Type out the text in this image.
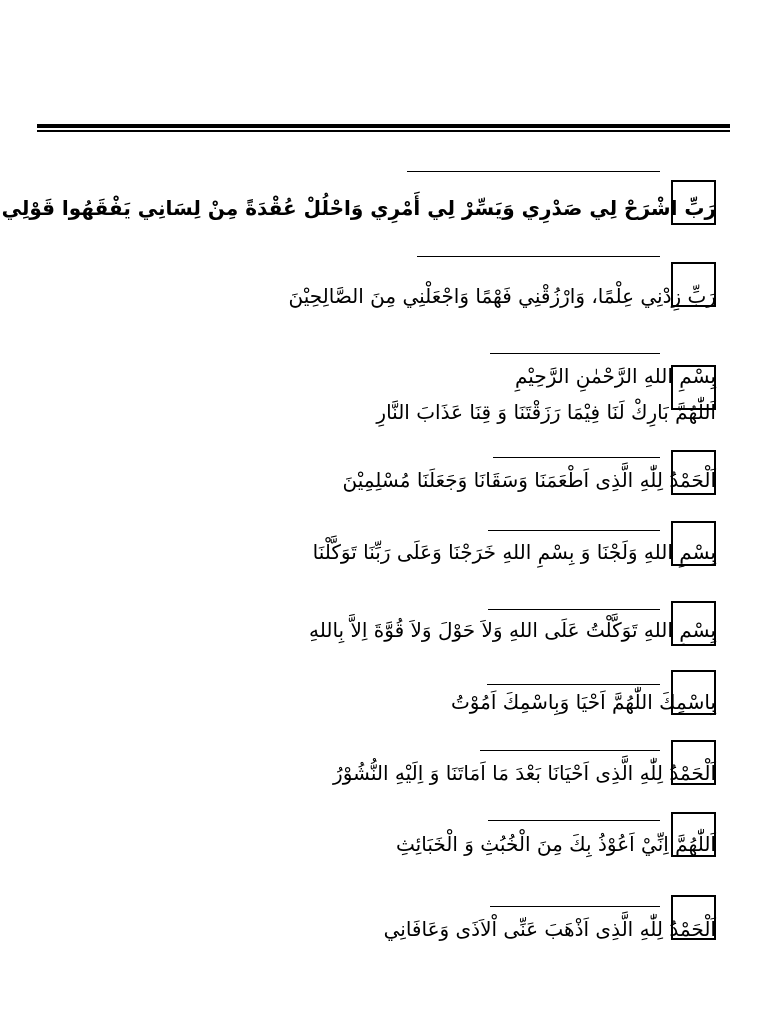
رَبِّ اشْرَحْ لِي صَدْرِي وَيَسِّرْ لِي أَمْرِي وَاحْلُلْ عُقْدَةً مِنْ لِسَانِي يَفْقَهُوا قَوْلِي
رَبِّ زِدْنِي عِلْمًا، وَارْزُقْنِي فَهْمًا وَاجْعَلْنِي مِنَ الصَّالِحِيْنَ
بِسْمِ اللهِ الرَّحْمٰنِ الرَّحِيْمِ
اَللّٰهُمَّ بَارِكْ لَنَا فِيْمَا رَزَقْتَنَا وَ قِنَا عَذَابَ النَّارِ
اَلْحَمْدُ لِلّٰهِ الَّذِى اَطْعَمَنَا وَسَقَانَا وَجَعَلَنَا مُسْلِمِيْنَ
بِسْمِ اللهِ وَلَجْنَا وَ بِسْمِ اللهِ خَرَجْنَا وَعَلَى رَبِّنَا تَوَكَّلْنَا
بِسْمِ اللهِ تَوَكَّلْتُ عَلَى اللهِ وَلاَ حَوْلَ وَلاَ قُوَّةَ اِلاَّ بِاللهِ
بِاسْمِكَ اللّٰهُمَّ اَحْيَا وَبِاسْمِكَ اَمُوْتُ
اَلْحَمْدُ لِلّٰهِ الَّذِى اَحْيَانَا بَعْدَ مَا اَمَاتَنَا وَ اِلَيْهِ النُّشُوْرُ
اَللّٰهُمَّ اِنِّيْ اَعُوْذُ بِكَ مِنَ الْخُبُثِ وَ الْخَبَائِثِ
اَلْحَمْدُ لِلّٰهِ الَّذِى اَذْهَبَ عَنِّى اْلاَذَى وَعَافَانِي
